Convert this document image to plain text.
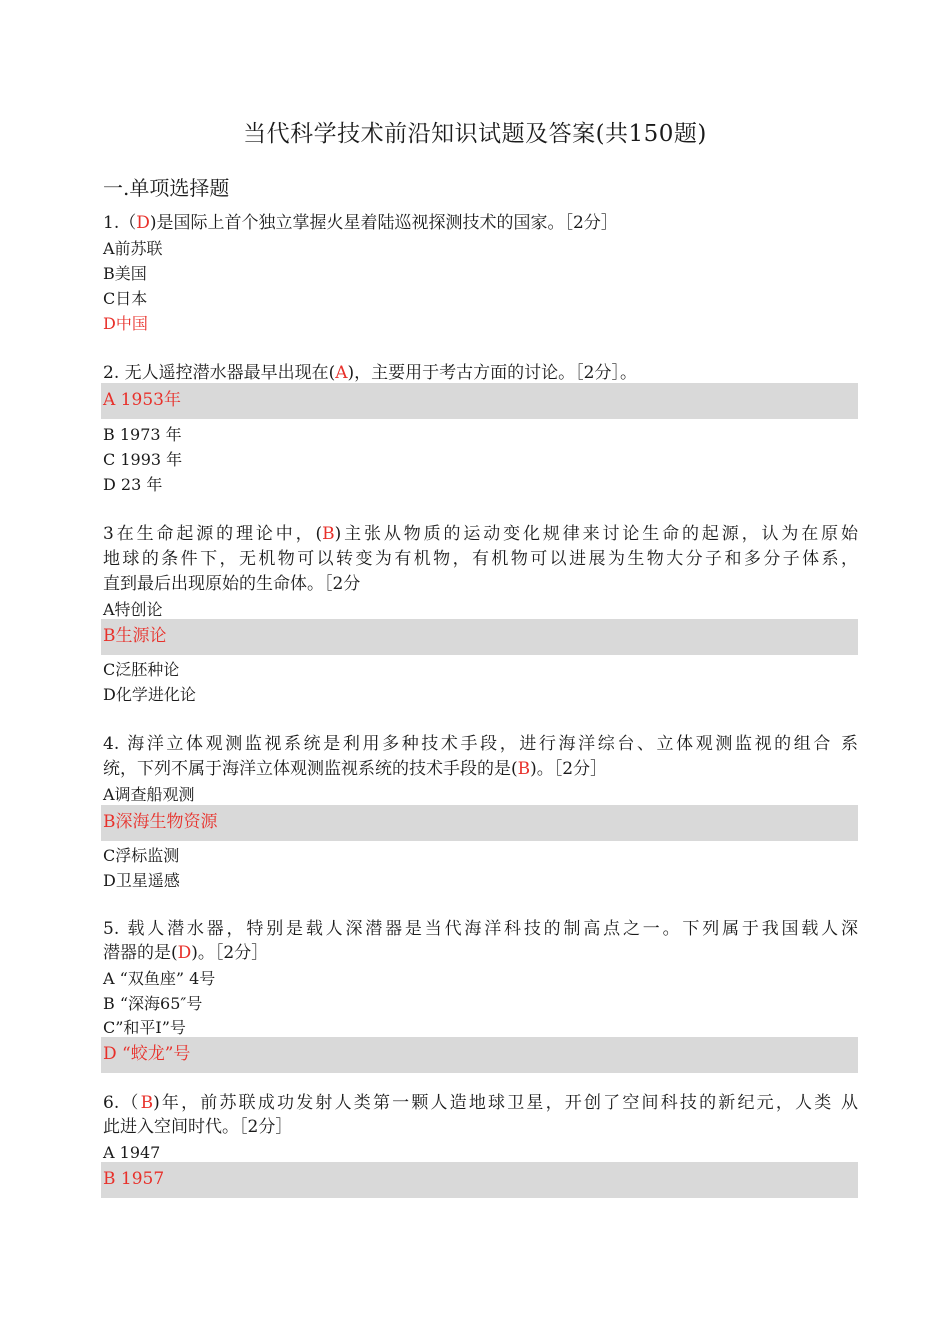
当代科学技术前沿知识试题及答案(共150题)
一.单项选择题
1.（D)是国际上首个独立掌握火星着陆巡视探测技术的国家。［2分］
A前苏联
B美国
C日本
D中国
2. 无人遥控潜水器最早出现在(A)，主要用于考古方面的讨论。［2分］。
A 1953年
B 1973 年
C 1993 年
D 23 年
3在生命起源的理论中，(B)主张从物质的运动变化规律来讨论生命的起源，认为在原始
地球的条件下，无机物可以转变为有机物，有机物可以进展为生物大分子和多分子体系，
直到最后出现原始的生命体。［2分
A特创论
B生源论
C泛胚种论
D化学进化论
4. 海洋立体观测监视系统是利用多种技术手段，进行海洋综台、立体观测监视的组合 系
统，下列不属于海洋立体观测监视系统的技术手段的是(B)。［2分］
A调查船观测
B深海生物资源
C浮标监测
D卫星遥感
5. 载人潜水器，特别是载人深潜器是当代海洋科技的制高点之一。下列属于我国载人深
潜器的是(D)。［2分］
A “双鱼座” 4号
B “深海65″号
C”和平I”号
D “蛟龙”号
6.（B)年，前苏联成功发射人类第一颗人造地球卫星，开创了空间科技的新纪元，人类 从
此进入空间时代。［2分］
A 1947
B 1957
